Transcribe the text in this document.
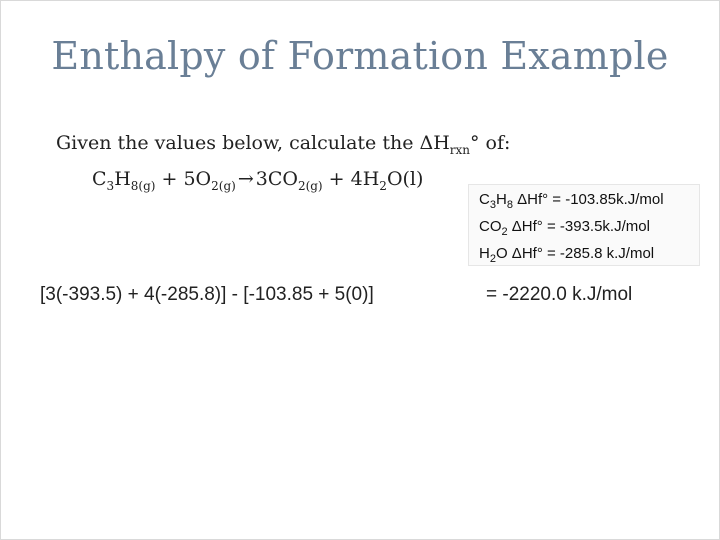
Enthalpy of Formation Example
Given the values below, calculate the $\Delta H_{rxn}^\circ$ of:
$C_3H_{8(g)} + 5O_{2(g)}\to 3CO_{2(g)} + 4H_2O(l)$
$C_3H_8$ ΔHf° = -103.85k.J/mol
$CO_2$ ΔHf° = -393.5k.J/mol
$H_2O$ ΔHf° = -285.8 k.J/mol
[3(-393.5) + 4(-285.8)] - [-103.85 + 5(0)]	= -2220.0 k.J/mol
